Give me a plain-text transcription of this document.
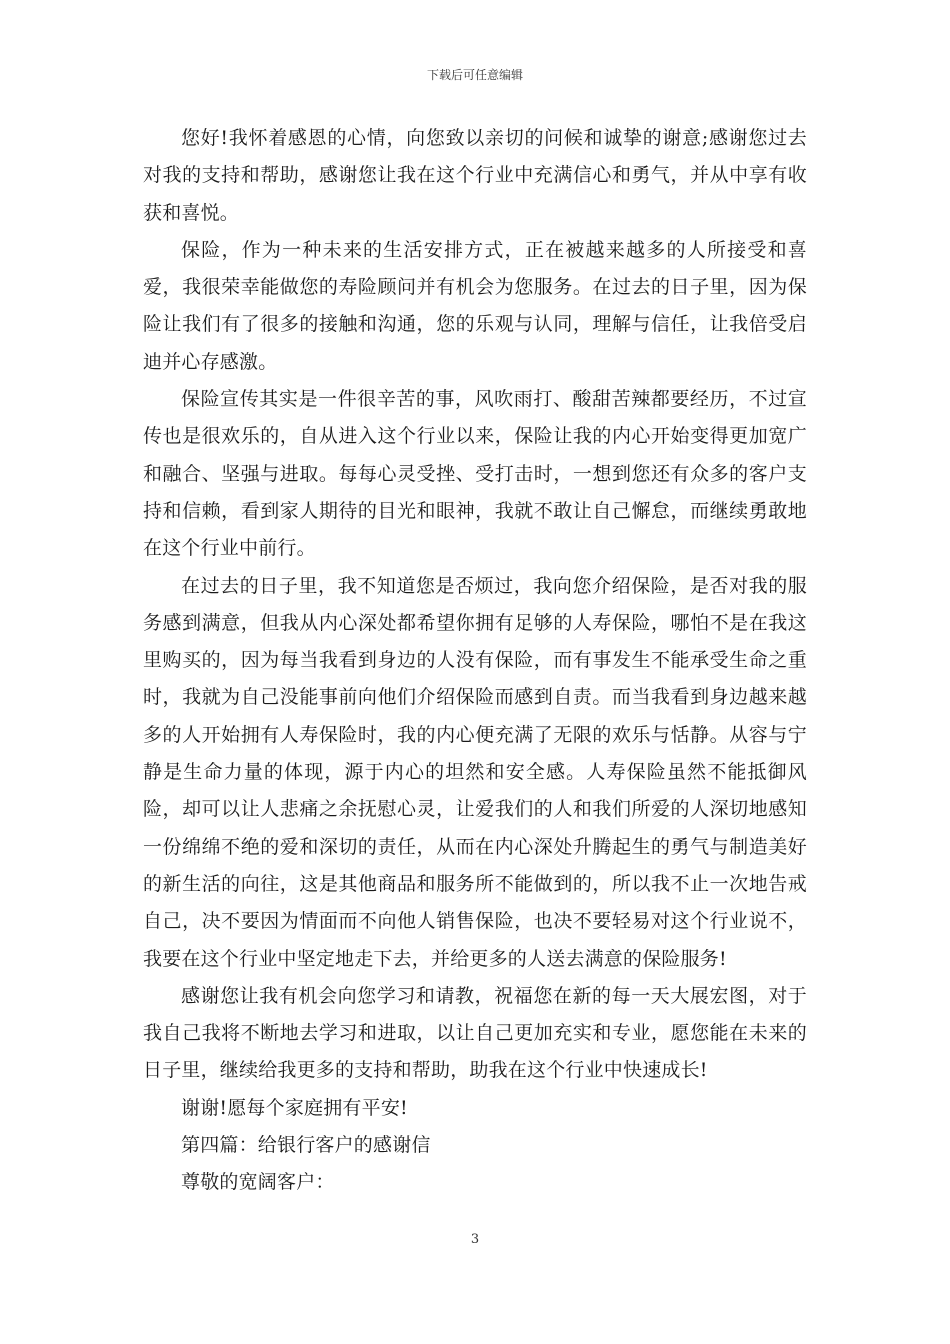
下载后可任意编辑

您好!我怀着感恩的心情，向您致以亲切的问候和诚挚的谢意;感谢您过去对我的支持和帮助，感谢您让我在这个行业中充满信心和勇气，并从中享有收获和喜悦。

保险，作为一种未来的生活安排方式，正在被越来越多的人所接受和喜爱，我很荣幸能做您的寿险顾问并有机会为您服务。在过去的日子里，因为保险让我们有了很多的接触和沟通，您的乐观与认同，理解与信任，让我倍受启迪并心存感激。

保险宣传其实是一件很辛苦的事，风吹雨打、酸甜苦辣都要经历，不过宣传也是很欢乐的，自从进入这个行业以来，保险让我的内心开始变得更加宽广和融合、坚强与进取。每每心灵受挫、受打击时，一想到您还有众多的客户支持和信赖，看到家人期待的目光和眼神，我就不敢让自己懈怠，而继续勇敢地在这个行业中前行。

在过去的日子里，我不知道您是否烦过，我向您介绍保险，是否对我的服务感到满意，但我从内心深处都希望你拥有足够的人寿保险，哪怕不是在我这里购买的，因为每当我看到身边的人没有保险，而有事发生不能承受生命之重时，我就为自己没能事前向他们介绍保险而感到自责。而当我看到身边越来越多的人开始拥有人寿保险时，我的内心便充满了无限的欢乐与恬静。从容与宁静是生命力量的体现，源于内心的坦然和安全感。人寿保险虽然不能抵御风险，却可以让人悲痛之余抚慰心灵，让爱我们的人和我们所爱的人深切地感知一份绵绵不绝的爱和深切的责任，从而在内心深处升腾起生的勇气与制造美好的新生活的向往，这是其他商品和服务所不能做到的，所以我不止一次地告戒自己，决不要因为情面而不向他人销售保险，也决不要轻易对这个行业说不，我要在这个行业中坚定地走下去，并给更多的人送去满意的保险服务!

感谢您让我有机会向您学习和请教，祝福您在新的每一天大展宏图，对于我自己我将不断地去学习和进取，以让自己更加充实和专业，愿您能在未来的日子里，继续给我更多的支持和帮助，助我在这个行业中快速成长!

谢谢!愿每个家庭拥有平安!

第四篇：给银行客户的感谢信

尊敬的宽阔客户：

3
